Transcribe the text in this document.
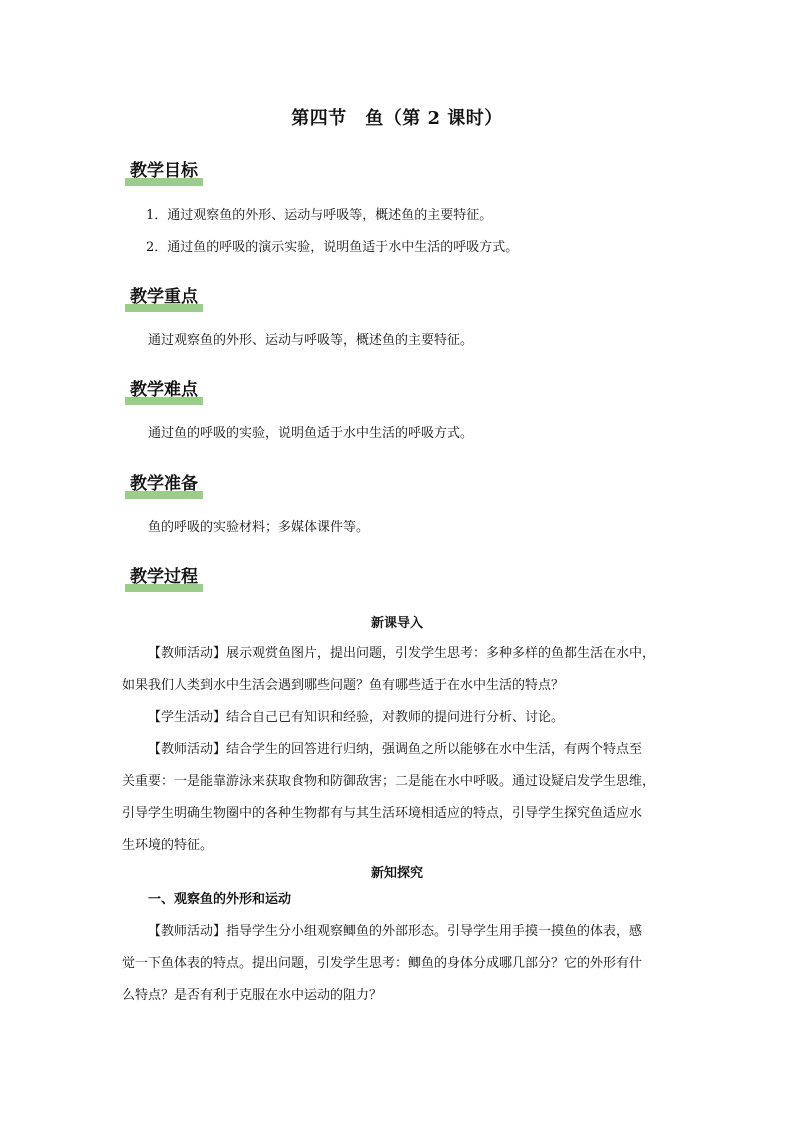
第四节　鱼（第 2 课时）
教学目标
1．通过观察鱼的外形、运动与呼吸等，概述鱼的主要特征。
2．通过鱼的呼吸的演示实验，说明鱼适于水中生活的呼吸方式。
教学重点
通过观察鱼的外形、运动与呼吸等，概述鱼的主要特征。
教学难点
通过鱼的呼吸的实验，说明鱼适于水中生活的呼吸方式。
教学准备
鱼的呼吸的实验材料；多媒体课件等。
教学过程
新课导入
【教师活动】展示观赏鱼图片，提出问题，引发学生思考：多种多样的鱼都生活在水中，
如果我们人类到水中生活会遇到哪些问题？鱼有哪些适于在水中生活的特点？
【学生活动】结合自己已有知识和经验，对教师的提问进行分析、讨论。
【教师活动】结合学生的回答进行归纳，强调鱼之所以能够在水中生活，有两个特点至
关重要：一是能靠游泳来获取食物和防御敌害；二是能在水中呼吸。通过设疑启发学生思维，
引导学生明确生物圈中的各种生物都有与其生活环境相适应的特点，引导学生探究鱼适应水
生环境的特征。
新知探究
一、观察鱼的外形和运动
【教师活动】指导学生分小组观察鲫鱼的外部形态。引导学生用手摸一摸鱼的体表，感
觉一下鱼体表的特点。提出问题，引发学生思考：鲫鱼的身体分成哪几部分？它的外形有什
么特点？是否有利于克服在水中运动的阻力？
